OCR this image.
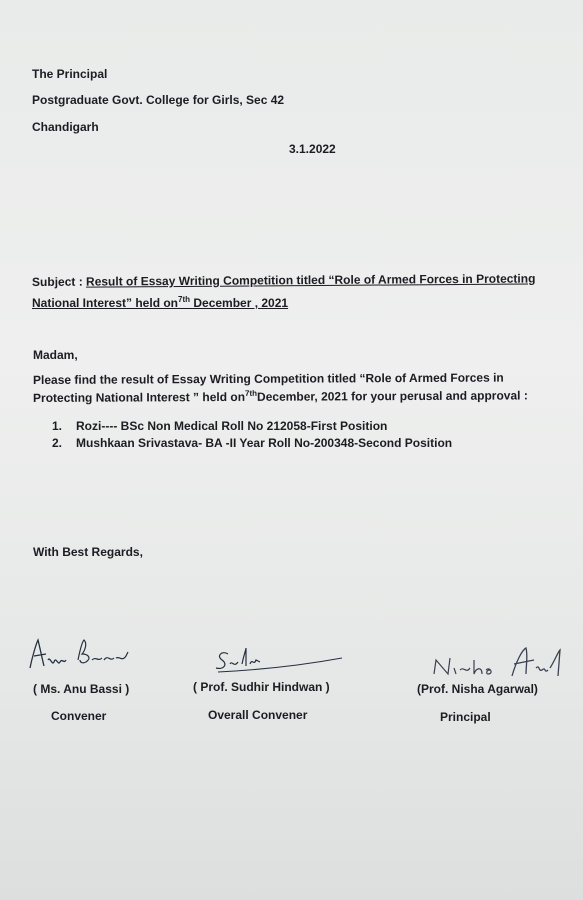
The Principal
Postgraduate Govt. College for Girls, Sec 42
Chandigarh
3.1.2022
Subject : Result of Essay Writing Competition titled “Role of Armed Forces in Protecting
National Interest” held $on^{7th}$ December , 2021
Madam,
Please find the result of Essay Writing Competition titled “Role of Armed Forces in
Protecting National Interest ” held $on^{7th}December$, 2021 for your perusal and approval :
1. Rozi---- BSc Non Medical Roll No 212058-First Position
2. Mushkaan Srivastava- BA -II Year Roll No-200348-Second Position
With Best Regards,
( Ms. Anu Bassi )
Convener
( Prof. Sudhir Hindwan )
Overall Convener
(Prof. Nisha Agarwal)
Principal
